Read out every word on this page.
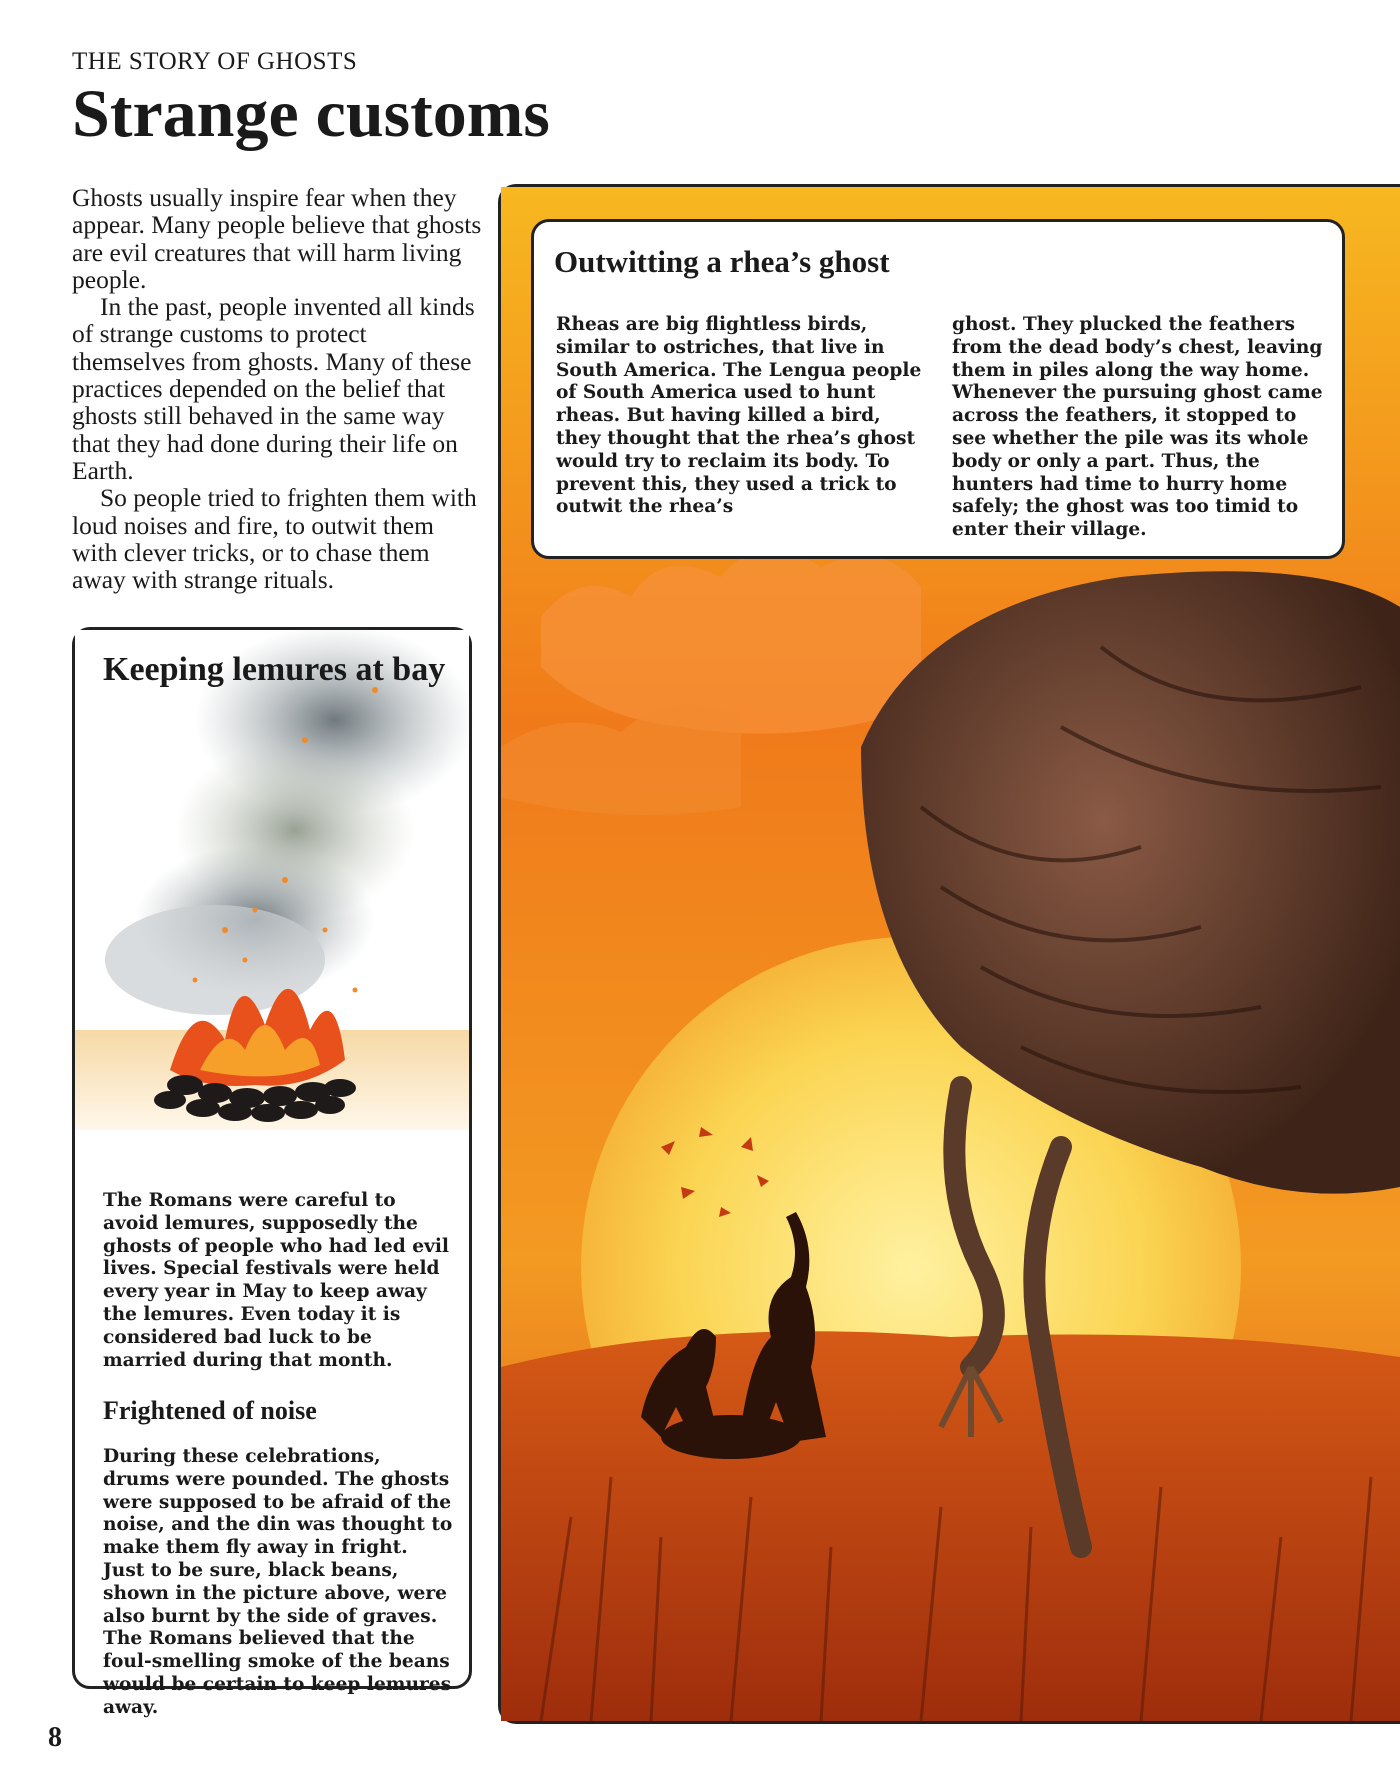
THE STORY OF GHOSTS
Strange customs

Ghosts usually inspire fear when they appear. Many people believe that ghosts are evil creatures that will harm living people.

In the past, people invented all kinds of strange customs to protect themselves from ghosts. Many of these practices depended on the belief that ghosts still behaved in the same way that they had done during their life on Earth.

So people tried to frighten them with loud noises and fire, to outwit them with clever tricks, or to chase them away with strange rituals.

Keeping lemures at bay

The Romans were careful to avoid lemures, supposedly the ghosts of people who had led evil lives. Special festivals were held every year in May to keep away the lemures. Even today it is considered bad luck to be married during that month.

Frightened of noise

During these celebrations, drums were pounded. The ghosts were supposed to be afraid of the noise, and the din was thought to make them fly away in fright. Just to be sure, black beans, shown in the picture above, were also burnt by the side of graves. The Romans believed that the foul-smelling smoke of the beans would be certain to keep lemures away.

Outwitting a rhea’s ghost

Rheas are big flightless birds, similar to ostriches, that live in South America. The Lengua people of South America used to hunt rheas. But having killed a bird, they thought that the rhea’s ghost would try to reclaim its body. To prevent this, they used a trick to outwit the rhea’s

ghost. They plucked the feathers from the dead body’s chest, leaving them in piles along the way home. Whenever the pursuing ghost came across the feathers, it stopped to see whether the pile was its whole body or only a part. Thus, the hunters had time to hurry home safely; the ghost was too timid to enter their village.

8
